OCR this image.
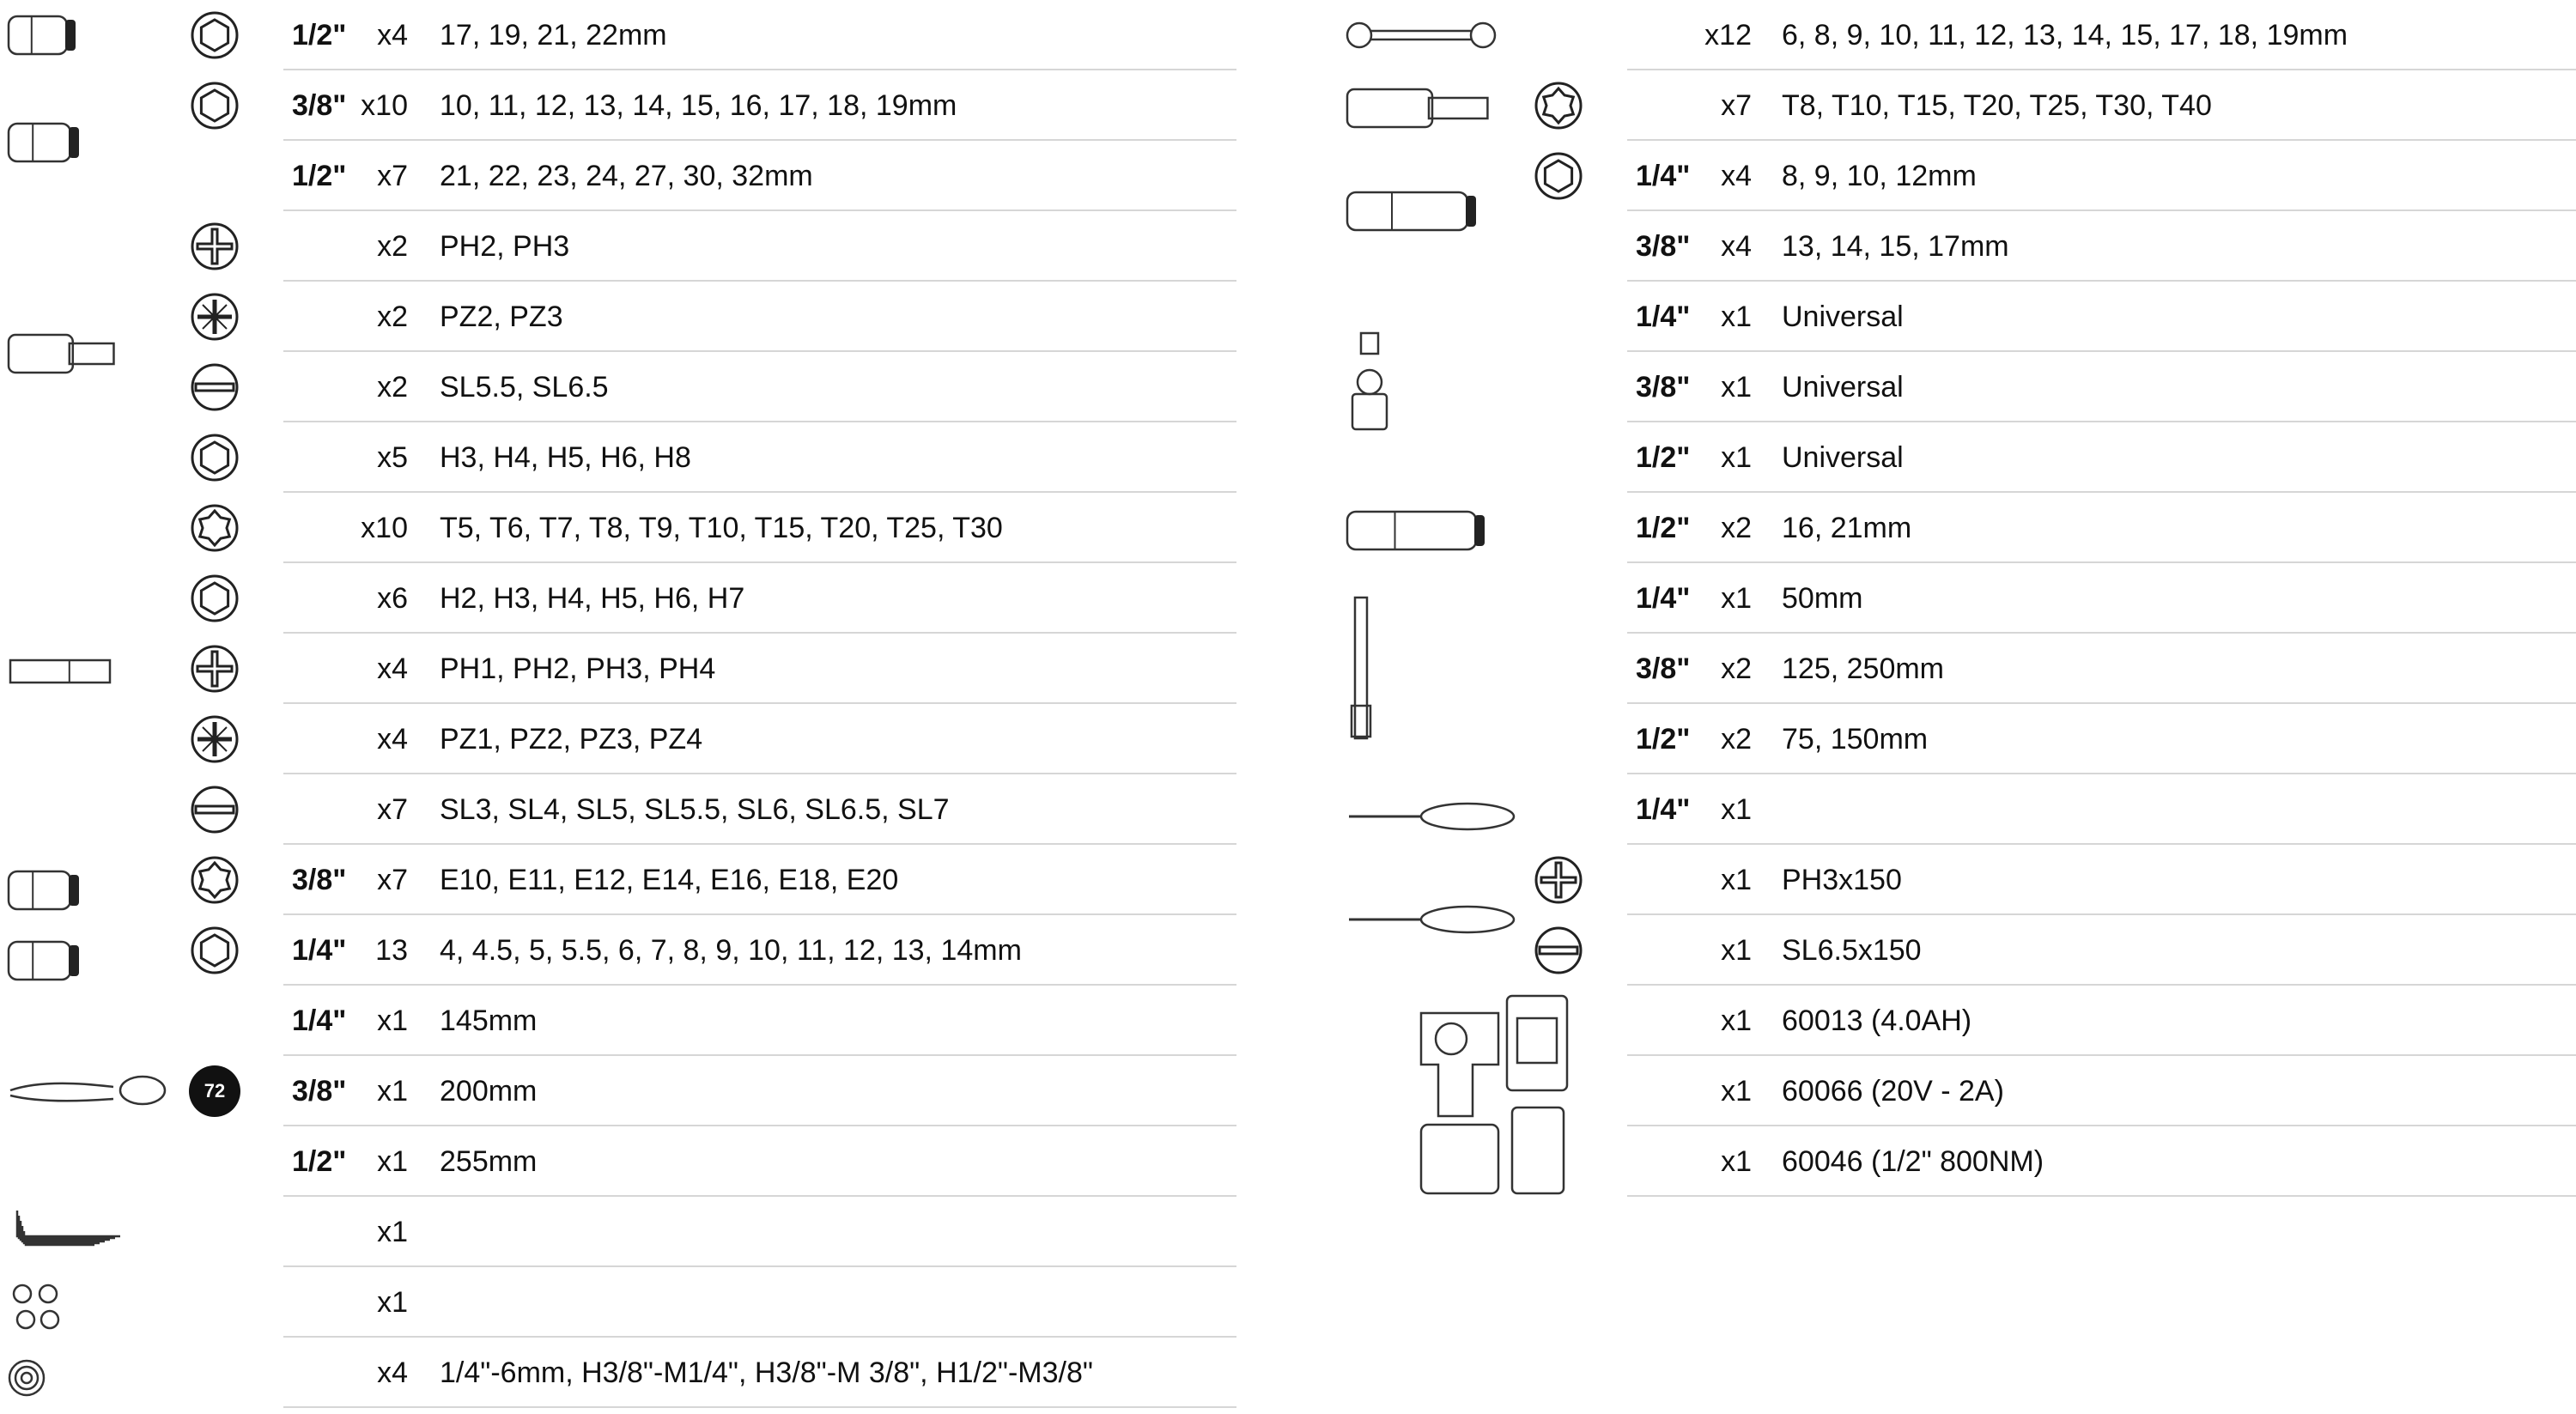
1/2"	x4 17, 19, 21, 22mm
3/8" x10 10, 11, 12, 13, 14, 15, 16, 17, 18, 19mm
1/2"	x7 21, 22, 23, 24, 27, 30, 32mm
x2 PH2, PH3
x2 PZ2, PZ3
x2 SL5.5, SL6.5
x5 H3, H4, H5, H6, H8
x10 T5, T6, T7, T8, T9, T10, T15, T20, T25, T30
x6 H2, H3, H4, H5, H6, H7
x4 PH1, PH2, PH3, PH4
x4 PZ1, PZ2, PZ3, PZ4
x7 SL3, SL4, SL5, SL5.5, SL6, SL6.5, SL7
3/8"	x7 E10, E11, E12, E14, E16, E18, E20
1/4" 13 4, 4.5, 5, 5.5, 6, 7, 8, 9, 10, 11, 12, 13, 14mm
1/4"	x1 145mm
3/8"	x1 200mm
1/2"	x1 255mm
x1
x1
x4 1/4"-6mm, H3/8"-M1/4", H3/8"-M 3/8", H1/2"-M3/8"
72
x12 6, 8, 9, 10, 11, 12, 13, 14, 15, 17, 18, 19mm
x7 T8, T10, T15, T20, T25, T30, T40
1/4"	x4 8, 9, 10, 12mm
3/8"	x4 13, 14, 15, 17mm
1/4"	x1 Universal
3/8"	x1 Universal
1/2"	x1 Universal
1/2"	x2 16, 21mm
1/4"	x1 50mm
3/8"	x2 125, 250mm
1/2"	x2 75, 150mm
1/4"	x1
x1 PH3x150
x1 SL6.5x150
x1 60013 (4.0AH)
x1 60066 (20V - 2A)
x1 60046 (1/2" 800NM)
